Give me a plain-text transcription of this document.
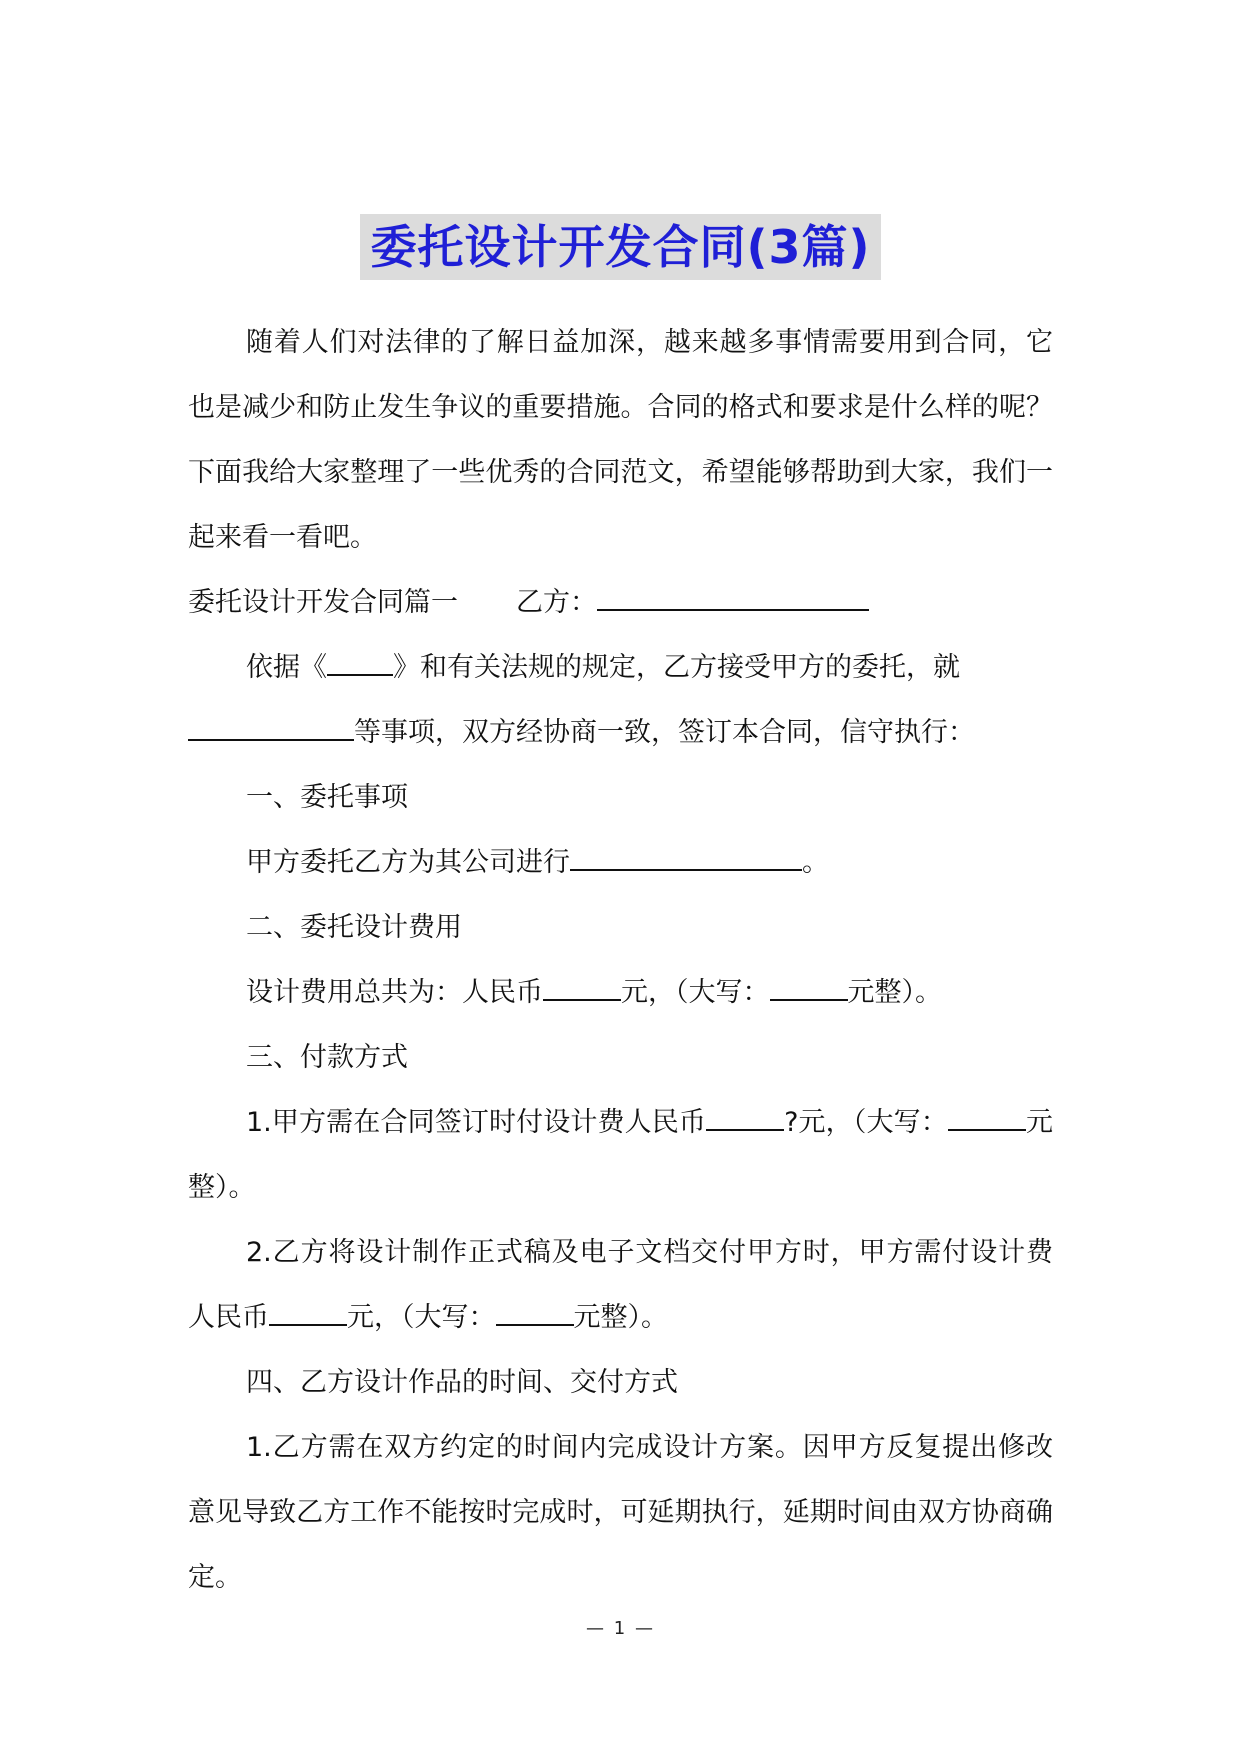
委托设计开发合同(3篇)

随着人们对法律的了解日益加深，越来越多事情需要用到合同，它也是减少和防止发生争议的重要措施。合同的格式和要求是什么样的呢？下面我给大家整理了一些优秀的合同范文，希望能够帮助到大家，我们一起来看一看吧。

委托设计开发合同篇一 乙方：

依据《 》和有关法规的规定，乙方接受甲方的委托，就

等事项，双方经协商一致，签订本合同，信守执行：

一、委托事项

甲方委托乙方为其公司进行	。

二、委托设计费用

设计费用总共为：人民币	元，（大写：	元整）。

三、付款方式

1.甲方需在合同签订时付设计费人民币	?元，（大写：	元整）。

2.乙方将设计制作正式稿及电子文档交付甲方时，甲方需付设计费人民币	元，（大写：	元整）。

四、乙方设计作品的时间、交付方式

1.乙方需在双方约定的时间内完成设计方案。因甲方反复提出修改意见导致乙方工作不能按时完成时，可延期执行，延期时间由双方协商确定。

— 1 —
